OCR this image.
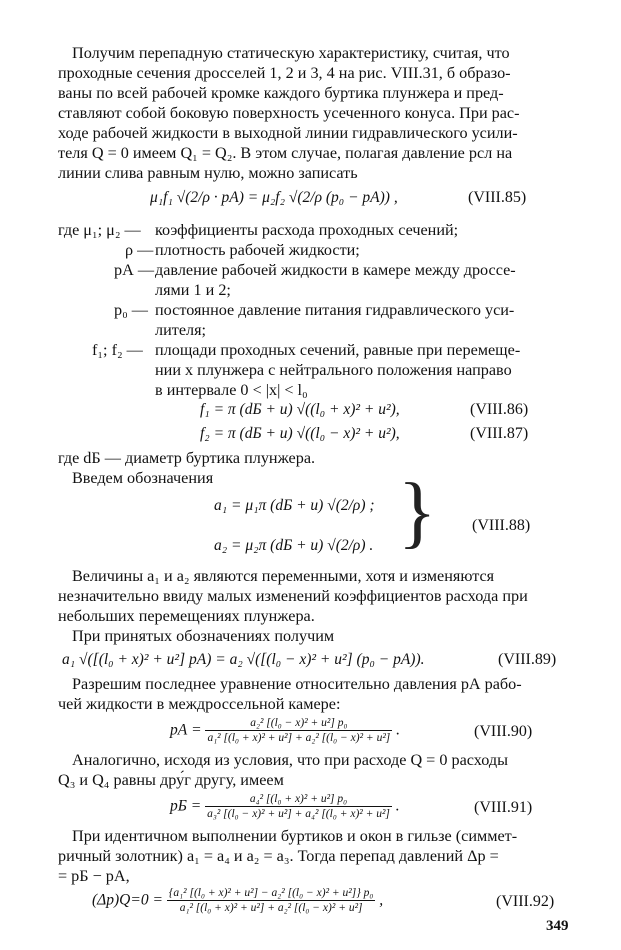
Получим перепадную статическую характеристику, считая, что
проходные сечения дросселей 1, 2 и 3, 4 на рис. VIII.31, б образо-
ваны по всей рабочей кромке каждого буртика плунжера и пред-
ставляют собой боковую поверхность усеченного конуса. При рас-
ходе рабочей жидкости в выходной линии гидравлического усили-
теля Q = 0 имеем Q₁ = Q₂. В этом случае, полагая давление pсл на
линии слива равным нулю, можно записать
μ₁f₁ √(2/ρ · pА) = μ₂f₂ √(2/ρ (p₀ − pА)) ,	(VIII.85)
где μ₁; μ₂ — коэффициенты расхода проходных сечений;
ρ — плотность рабочей жидкости;
pА — давление рабочей жидкости в камере между дроссе-
лями 1 и 2;
p₀ — постоянное давление питания гидравлического уси-
лителя;
f₁; f₂ — площади проходных сечений, равные при перемеще-
нии x плунжера с нейтрального положения направо
в интервале 0 < |x| < l₀
f₁ = π (dБ + u) √((l₀ + x)² + u²),	(VIII.86)
f₂ = π (dБ + u) √((l₀ − x)² + u²),	(VIII.87)
где dБ — диаметр буртика плунжера.
Введем обозначения
a₁ = μ₁π (dБ + u) √(2/ρ) ;
a₂ = μ₂π (dБ + u) √(2/ρ) . } (VIII.88)
Величины a₁ и a₂ являются переменными, хотя и изменяются
незначительно ввиду малых изменений коэффициентов расхода при
небольших перемещениях плунжера.
При принятых обозначениях получим
a₁ √([(l₀ + x)² + u²] pА) = a₂ √([(l₀ − x)² + u²] (p₀ − pА)).	(VIII.89)
Разрешим последнее уравнение относительно давления pА рабо-
чей жидкости в междроссельной камере:
pА = $\frac{\text{a₂² [(l₀ − x)² + u²] p₀}}{\text{a₁² [(l₀ + x)² + u²] + a₂² [(l₀ − x)² + u²]}}$ .	(VIII.90)
Аналогично, исходя из условия, что при расходе Q = 0 расходы
Q₃ и Q₄ равны дру́г другу, имеем
pБ = $\frac{\text{a₄² [(l₀ + x)² + u²] p₀}}{\text{a₃² [(l₀ − x)² + u²] + a₄² [(l₀ + x)² + u²]}}$ .	(VIII.91)
При идентичном выполнении буртиков и окон в гильзе (симмет-
ричный золотник) a₁ = a₄ и a₂ = a₃. Тогда перепад давлений Δp =
= pБ − pА,
$(\Delta p)Q=0 = \frac{\text{\{a₁² [(l₀ + x)² + u²] − a₂² [(l₀ − x)² + u²]\} p₀}}{\text{a₁² [(l₀ + x)² + u²] + a₂² [(l₀ − x)² + u²]}}$ ,	(VIII.92)
349
